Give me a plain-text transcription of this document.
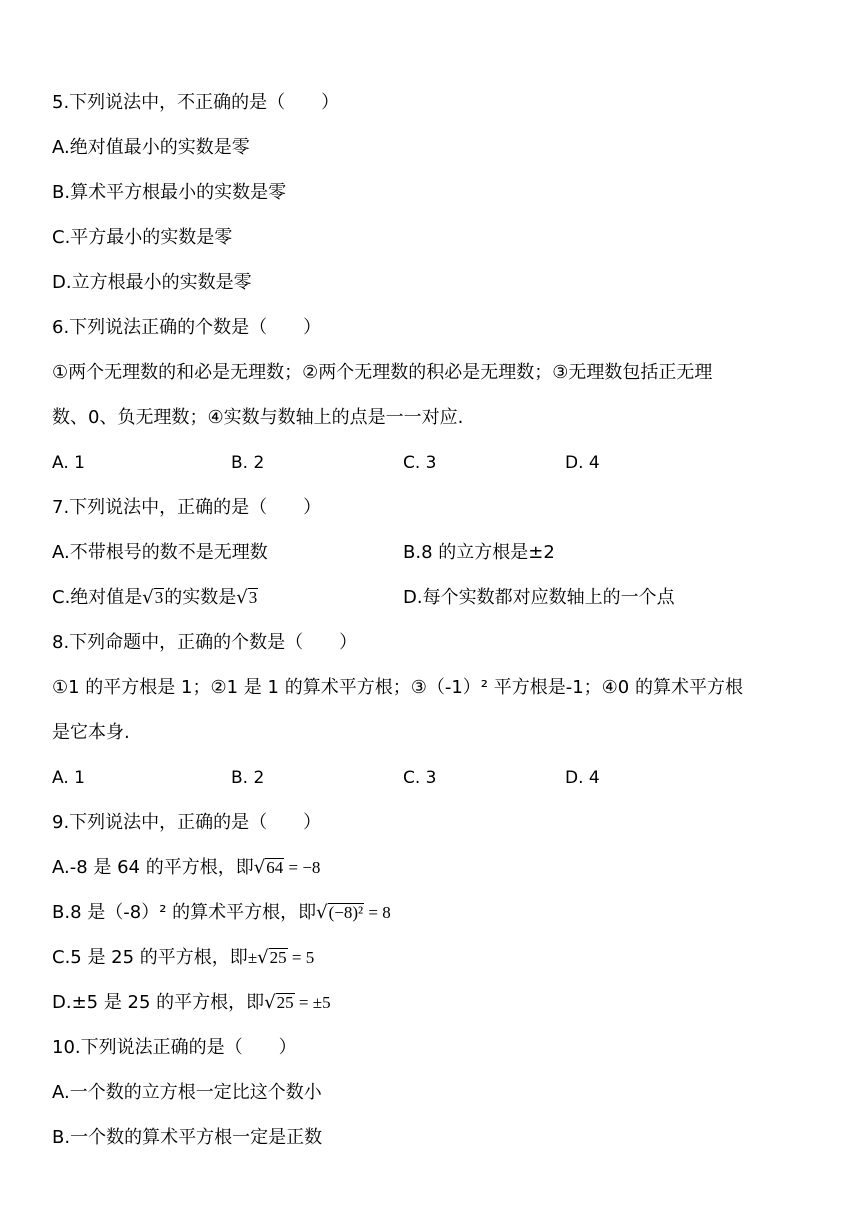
5.下列说法中，不正确的是（　　）
A.绝对值最小的实数是零
B.算术平方根最小的实数是零
C.平方最小的实数是零
D.立方根最小的实数是零
6.下列说法正确的个数是（　　）
①两个无理数的和必是无理数；②两个无理数的积必是无理数；③无理数包括正无理
数、0、负无理数；④实数与数轴上的点是一一对应.
A. 1	B. 2	C. 3	D. 4
7.下列说法中，正确的是（　　）
A.不带根号的数不是无理数	B.8 的立方根是±2
C.绝对值是√3的实数是√3	D.每个实数都对应数轴上的一个点
8.下列命题中，正确的个数是（　　）
①1 的平方根是 1；②1 是 1 的算术平方根；③（-1）² 平方根是-1；④0 的算术平方根
是它本身.
A. 1	B. 2	C. 3	D. 4
9.下列说法中，正确的是（　　）
A.-8 是 64 的平方根，即√64 = −8
B.8 是（-8）² 的算术平方根，即√(−8)² = 8
C.5 是 25 的平方根，即±√25 = 5
D.±5 是 25 的平方根，即√25 = ±5
10.下列说法正确的是（　　）
A.一个数的立方根一定比这个数小
B.一个数的算术平方根一定是正数
